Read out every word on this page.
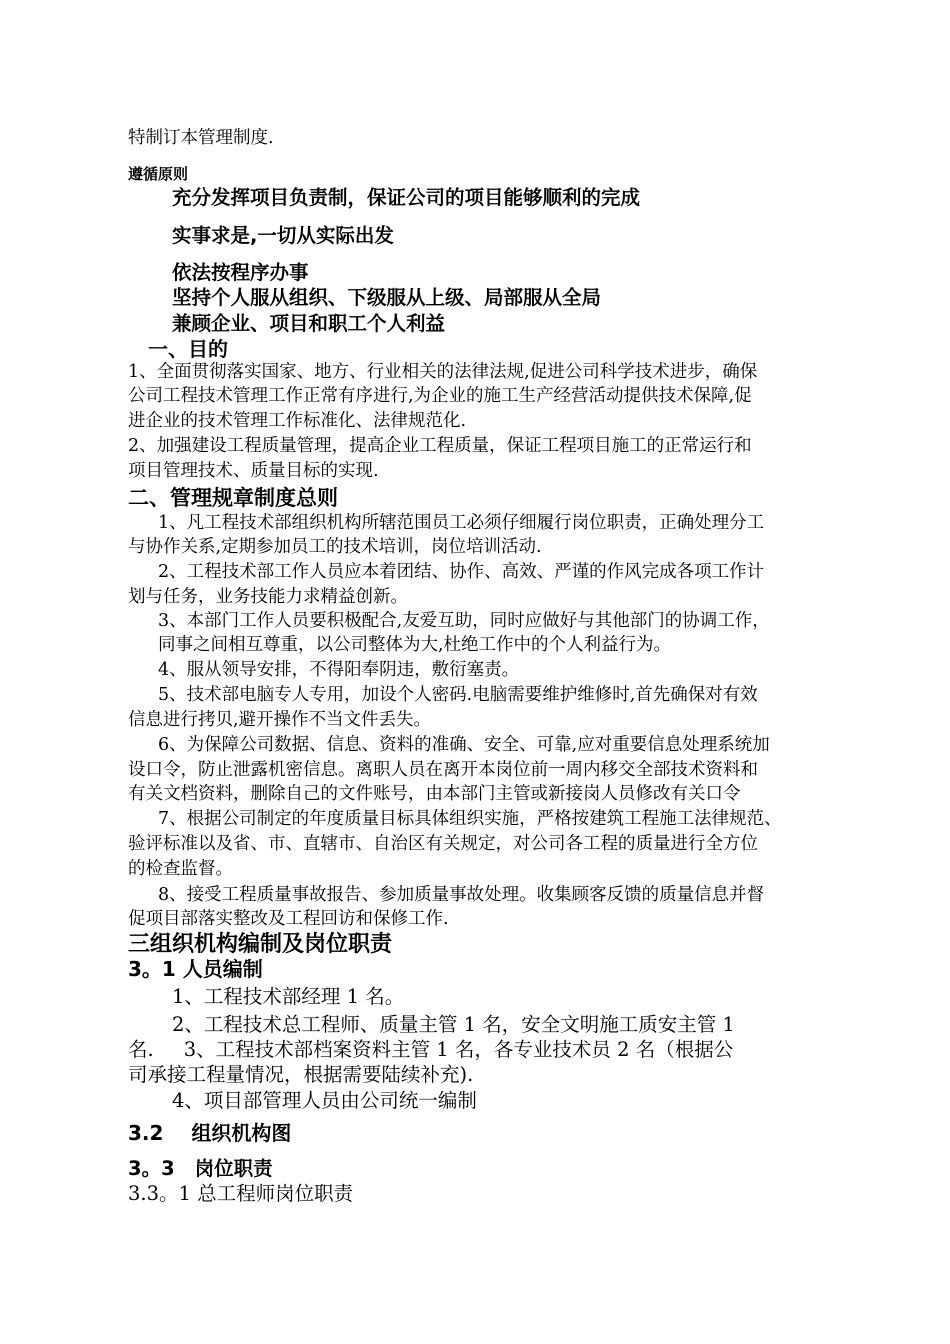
特制订本管理制度.
遵循原则
充分发挥项目负责制，保证公司的项目能够顺利的完成
实事求是,一切从实际出发
依法按程序办事
坚持个人服从组织、下级服从上级、局部服从全局
兼顾企业、项目和职工个人利益
一、目的
1、全面贯彻落实国家、地方、行业相关的法律法规,促进公司科学技术进步，确保
公司工程技术管理工作正常有序进行,为企业的施工生产经营活动提供技术保障,促
进企业的技术管理工作标准化、法律规范化.
2、加强建设工程质量管理，提高企业工程质量，保证工程项目施工的正常运行和
项目管理技术、质量目标的实现.
二、管理规章制度总则
1、凡工程技术部组织机构所辖范围员工必须仔细履行岗位职责，正确处理分工
与协作关系,定期参加员工的技术培训，岗位培训活动.
2、工程技术部工作人员应本着团结、协作、高效、严谨的作风完成各项工作计
划与任务，业务技能力求精益创新。
3、本部门工作人员要积极配合,友爱互助，同时应做好与其他部门的协调工作，
同事之间相互尊重，以公司整体为大,杜绝工作中的个人利益行为。
4、服从领导安排，不得阳奉阴违，敷衍塞责。
5、技术部电脑专人专用，加设个人密码.电脑需要维护维修时,首先确保对有效
信息进行拷贝,避开操作不当文件丢失。
6、为保障公司数据、信息、资料的准确、安全、可靠,应对重要信息处理系统加
设口令，防止泄露机密信息。离职人员在离开本岗位前一周内移交全部技术资料和
有关文档资料，删除自己的文件账号，由本部门主管或新接岗人员修改有关口令
7、根据公司制定的年度质量目标具体组织实施，严格按建筑工程施工法律规范、
验评标准以及省、市、直辖市、自治区有关规定，对公司各工程的质量进行全方位
的检查监督。
8、接受工程质量事故报告、参加质量事故处理。收集顾客反馈的质量信息并督
促项目部落实整改及工程回访和保修工作.
三组织机构编制及岗位职责
3。1 人员编制
1、工程技术部经理 1 名。
2、工程技术总工程师、质量主管 1 名，安全文明施工质安主管 1
名. 3、工程技术部档案资料主管 1 名，各专业技术员 2 名（根据公
司承接工程量情况，根据需要陆续补充).
4、项目部管理人员由公司统一编制
3.2 组织机构图
3。3 岗位职责
3.3。1 总工程师岗位职责
